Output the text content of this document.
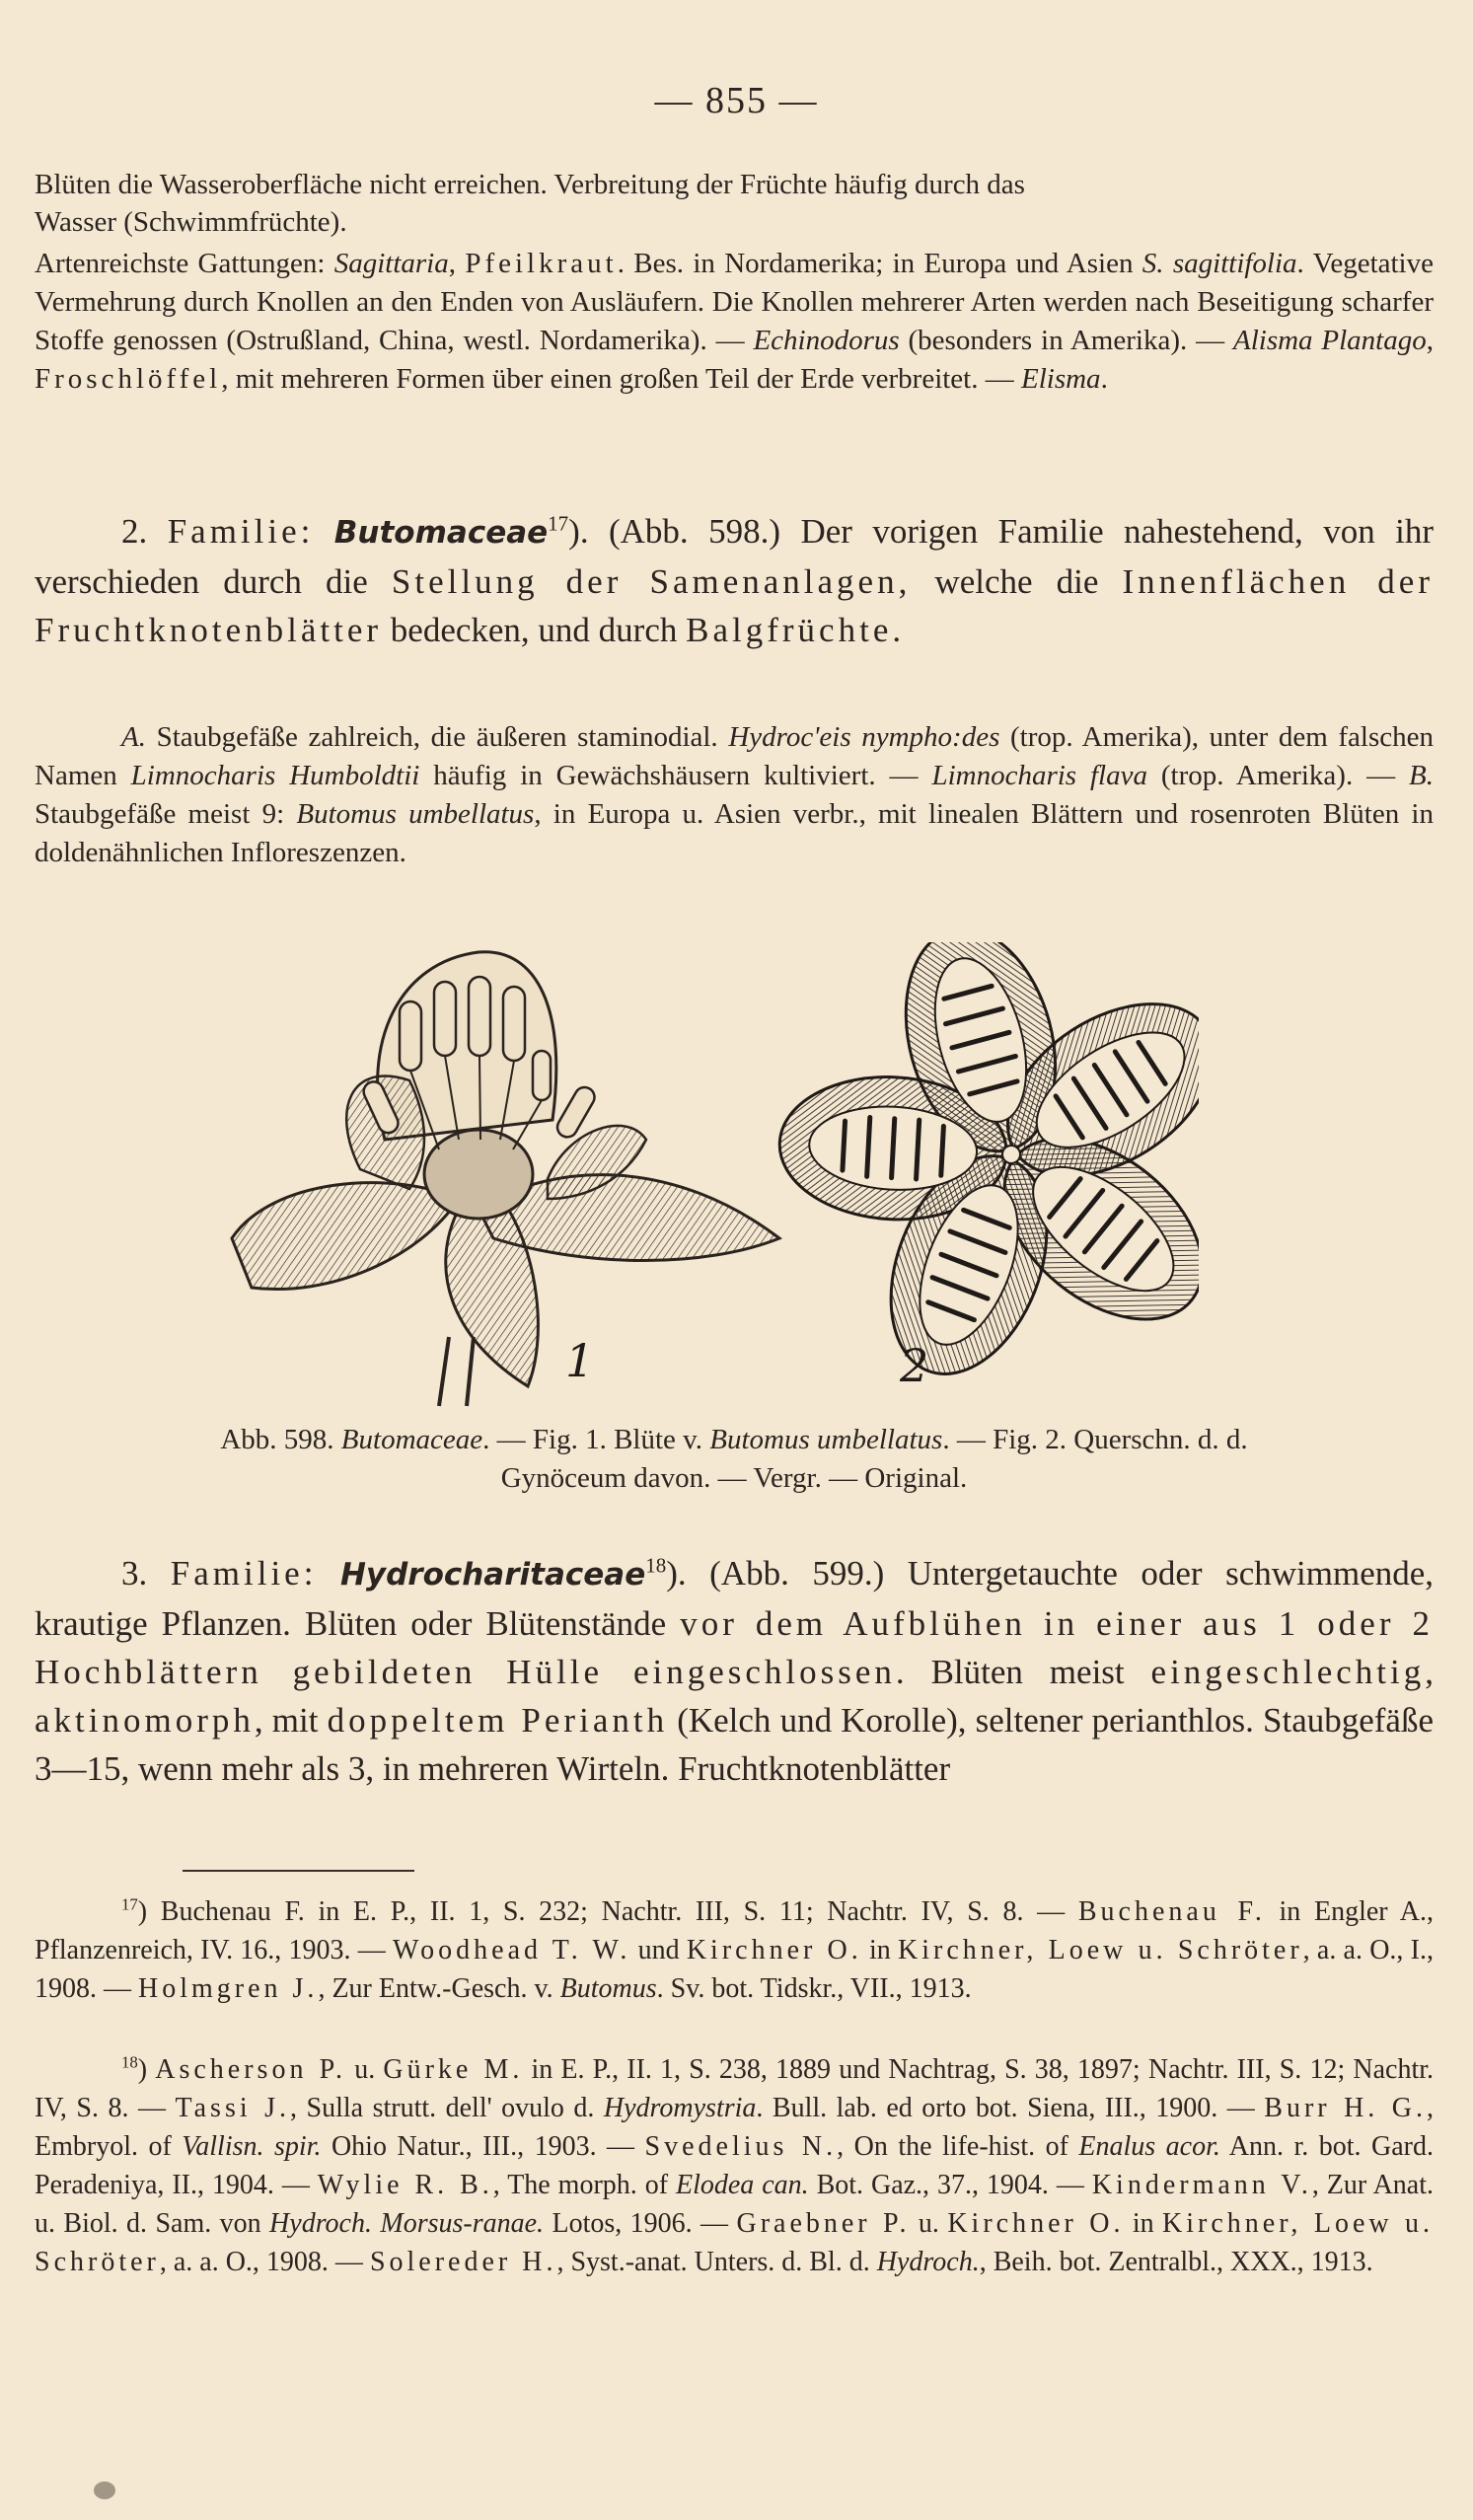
— 855 —
Blüten die Wasseroberfläche nicht erreichen. Verbreitung der Früchte häufig durch das
Wasser (Schwimmfrüchte).
Artenreichste Gattungen: Sagittaria, Pfeilkraut. Bes. in Nordamerika; in Europa und Asien S. sagittifolia. Vegetative Vermehrung durch Knollen an den Enden von Ausläufern. Die Knollen mehrerer Arten werden nach Beseitigung scharfer Stoffe genossen (Ostrußland, China, westl. Nordamerika). — Echinodorus (besonders in Amerika). — Alisma Plantago, Froschlöffel, mit mehreren Formen über einen großen Teil der Erde verbreitet. — Elisma.
2. Familie: Butomaceae$^{17}$). (Abb. 598.) Der vorigen Familie nahestehend, von ihr verschieden durch die Stellung der Samenanlagen, welche die Innenflächen der Fruchtknotenblätter bedecken, und durch Balgfrüchte.
A. Staubgefäße zahlreich, die äußeren staminodial. Hydroc'eis nympho:des (trop. Amerika), unter dem falschen Namen Limnocharis Humboldtii häufig in Gewächshäusern kultiviert. — Limnocharis flava (trop. Amerika). — B. Staubgefäße meist 9: Butomus umbellatus, in Europa u. Asien verbr., mit linealen Blättern und rosenroten Blüten in doldenähnlichen Infloreszenzen.
1	2
Abb. 598. Butomaceae. — Fig. 1. Blüte v. Butomus umbellatus. — Fig. 2. Querschn. d. d.
Gynöceum davon. — Vergr. — Original.
3. Familie: Hydrocharitaceae$^{18}$). (Abb. 599.) Untergetauchte oder schwimmende, krautige Pflanzen. Blüten oder Blütenstände vor dem Aufblühen in einer aus 1 oder 2 Hochblättern gebildeten Hülle eingeschlossen. Blüten meist eingeschlechtig, aktinomorph, mit doppeltem Perianth (Kelch und Korolle), seltener perianthlos. Staubgefäße 3—15, wenn mehr als 3, in mehreren Wirteln. Fruchtknotenblätter
$^{17}$) Buchenau F. in E. P., II. 1, S. 232; Nachtr. III, S. 11; Nachtr. IV, S. 8. — Buchenau F. in Engler A., Pflanzenreich, IV. 16., 1903. — Woodhead T. W. und Kirchner O. in Kirchner, Loew u. Schröter, a. a. O., I., 1908. — Holmgren J., Zur Entw.-Gesch. v. Butomus. Sv. bot. Tidskr., VII., 1913.
$^{18}$) Ascherson P. u. Gürke M. in E. P., II. 1, S. 238, 1889 und Nachtrag, S. 38, 1897; Nachtr. III, S. 12; Nachtr. IV, S. 8. — Tassi J., Sulla strutt. dell' ovulo d. Hydromystria. Bull. lab. ed orto bot. Siena, III., 1900. — Burr H. G., Embryol. of Vallisn. spir. Ohio Natur., III., 1903. — Svedelius N., On the life-hist. of Enalus acor. Ann. r. bot. Gard. Peradeniya, II., 1904. — Wylie R. B., The morph. of Elodea can. Bot. Gaz., 37., 1904. — Kindermann V., Zur Anat. u. Biol. d. Sam. von Hydroch. Morsus-ranae. Lotos, 1906. — Graebner P. u. Kirchner O. in Kirchner, Loew u. Schröter, a. a. O., 1908. — Solereder H., Syst.-anat. Unters. d. Bl. d. Hydroch., Beih. bot. Zentralbl., XXX., 1913.
